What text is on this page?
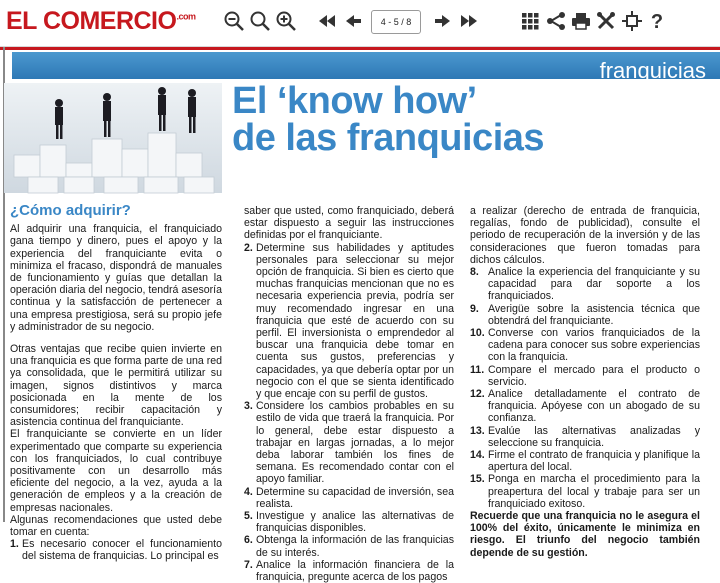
EL $COMERCIO^{.com}$
4 - 5 / 8	?
franquicias
El ‘know how’
de las franquicias
¿Cómo adquirir?

Al adquirir una franquicia, el franquiciado gana tiempo y dinero, pues el apoyo y la experiencia del franquiciante evita o minimiza el fracaso, dispondrá de manuales de funcionamiento y guías que detallan la operación diaria del negocio, tendrá asesoría continua y la satisfacción de pertenecer a una empresa prestigiosa, será su propio jefe y administrador de su negocio.

Otras ventajas que recibe quien invierte en una franquicia es que forma parte de una red ya consolidada, que le permitirá utilizar su imagen, signos distintivos y marca posicionada en la mente de los consumidores; recibir capacitación y asistencia continua del franquiciante.

El franquiciante se convierte en un líder experimentado que comparte su experiencia con los franquiciados, lo cual contribuye positivamente con un desarrollo más eficiente del negocio, a la vez, ayuda a la generación de empleos y a la creación de empresas nacionales.

Algunas recomendaciones que usted debe tomar en cuenta:

1. Es necesario conocer el funcionamiento del sistema de franquicias. Lo principal es

saber que usted, como franquiciado, deberá estar dispuesto a seguir las instrucciones definidas por el franquiciante.

2. Determine sus habilidades y aptitudes personales para seleccionar su mejor opción de franquicia. Si bien es cierto que muchas franquicias mencionan que no es necesaria experiencia previa, podría ser muy recomendado ingresar en una franquicia que esté de acuerdo con su perfil. El inversionista o emprendedor al buscar una franquicia debe tomar en cuenta sus gustos, preferencias y capacidades, ya que debería optar por un negocio con el que se sienta identificado y que encaje con su perfil de gustos.
3. Considere los cambios probables en su estilo de vida que traerá la franquicia. Por lo general, debe estar dispuesto a trabajar en largas jornadas, a lo mejor deba laborar también los fines de semana. Es recomendado contar con el apoyo familiar.
4. Determine su capacidad de inversión, sea realista.
5. Investigue y analice las alternativas de franquicias disponibles.
6. Obtenga la información de las franquicias de su interés.
7. Analice la información financiera de la franquicia, pregunte acerca de los pagos

a realizar (derecho de entrada de franquicia, regalías, fondo de publicidad), consulte el periodo de recuperación de la inversión y de las consideraciones que fueron tomadas para dichos cálculos.

8. Analice la experiencia del franquiciante y su capacidad para dar soporte a los franquiciados.
9. Averigüe sobre la asistencia técnica que obtendrá del franquiciante.
10. Converse con varios franquiciados de la cadena para conocer sus sobre experiencias con la franquicia.
11. Compare el mercado para el producto o servicio.
12. Analice detalladamente el contrato de franquicia. Apóyese con un abogado de su confianza.
13. Evalúe las alternativas analizadas y seleccione su franquicia.
14. Firme el contrato de franquicia y planifique la apertura del local.
15. Ponga en marcha el procedimiento para la preapertura del local y trabaje para ser un franquiciado exitoso.

Recuerde que una franquicia no le asegura el 100% del éxito, únicamente le minimiza en riesgo. El triunfo del negocio también depende de su gestión.
